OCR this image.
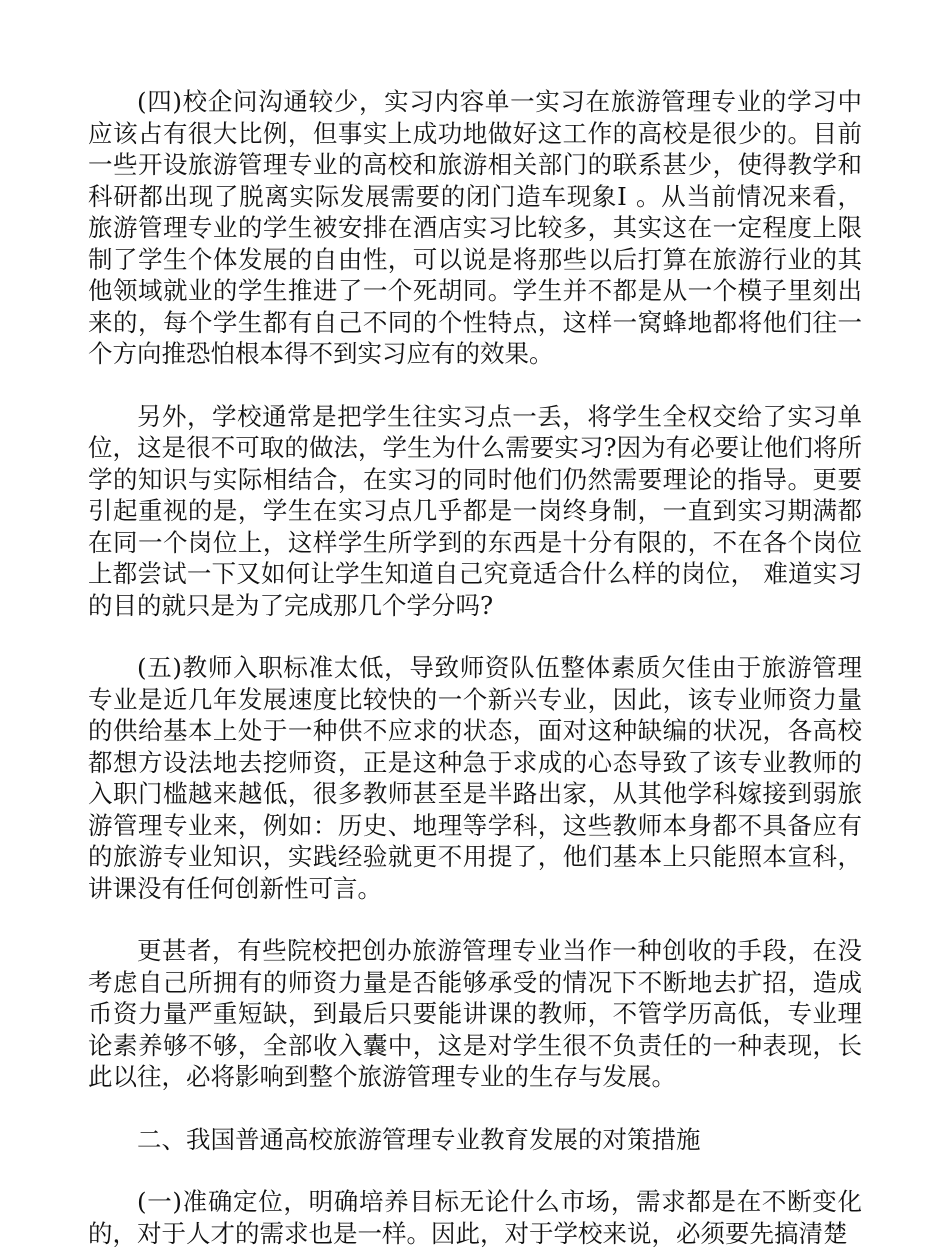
(四)校企问沟通较少，实习内容单一实习在旅游管理专业的学习中应该占有很大比例，但事实上成功地做好这工作的高校是很少的。目前一些开设旅游管理专业的高校和旅游相关部门的联系甚少，使得教学和科研都出现了脱离实际发展需要的闭门造车现象Ⅰ 。从当前情况来看，旅游管理专业的学生被安排在酒店实习比较多，其实这在一定程度上限制了学生个体发展的自由性，可以说是将那些以后打算在旅游行业的其他领域就业的学生推进了一个死胡同。学生并不都是从一个模子里刻出来的，每个学生都有自己不同的个性特点，这样一窝蜂地都将他们往一个方向推恐怕根本得不到实习应有的效果。

另外，学校通常是把学生往实习点一丢，将学生全权交给了实习单位，这是很不可取的做法，学生为什么需要实习?因为有必要让他们将所学的知识与实际相结合，在实习的同时他们仍然需要理论的指导。更要引起重视的是，学生在实习点几乎都是一岗终身制，一直到实习期满都在同一个岗位上，这样学生所学到的东西是十分有限的，不在各个岗位上都尝试一下又如何让学生知道自己究竟适合什么样的岗位， 难道实习的目的就只是为了完成那几个学分吗?

(五)教师入职标准太低，导致师资队伍整体素质欠佳由于旅游管理专业是近几年发展速度比较快的一个新兴专业，因此，该专业师资力量的供给基本上处于一种供不应求的状态，面对这种缺编的状况，各高校都想方设法地去挖师资，正是这种急于求成的心态导致了该专业教师的入职门槛越来越低，很多教师甚至是半路出家，从其他学科嫁接到弱旅游管理专业来，例如：历史、地理等学科，这些教师本身都不具备应有的旅游专业知识，实践经验就更不用提了，他们基本上只能照本宣科，讲课没有任何创新性可言。

更甚者，有些院校把创办旅游管理专业当作一种创收的手段，在没考虑自己所拥有的师资力量是否能够承受的情况下不断地去扩招，造成币资力量严重短缺，到最后只要能讲课的教师，不管学历高低，专业理论素养够不够，全部收入囊中，这是对学生很不负责任的一种表现，长此以往，必将影响到整个旅游管理专业的生存与发展。

二、我国普通高校旅游管理专业教育发展的对策措施

(一)准确定位，明确培养目标无论什么市场，需求都是在不断变化的，对于人才的需求也是一样。因此，对于学校来说，必须要先搞清楚
